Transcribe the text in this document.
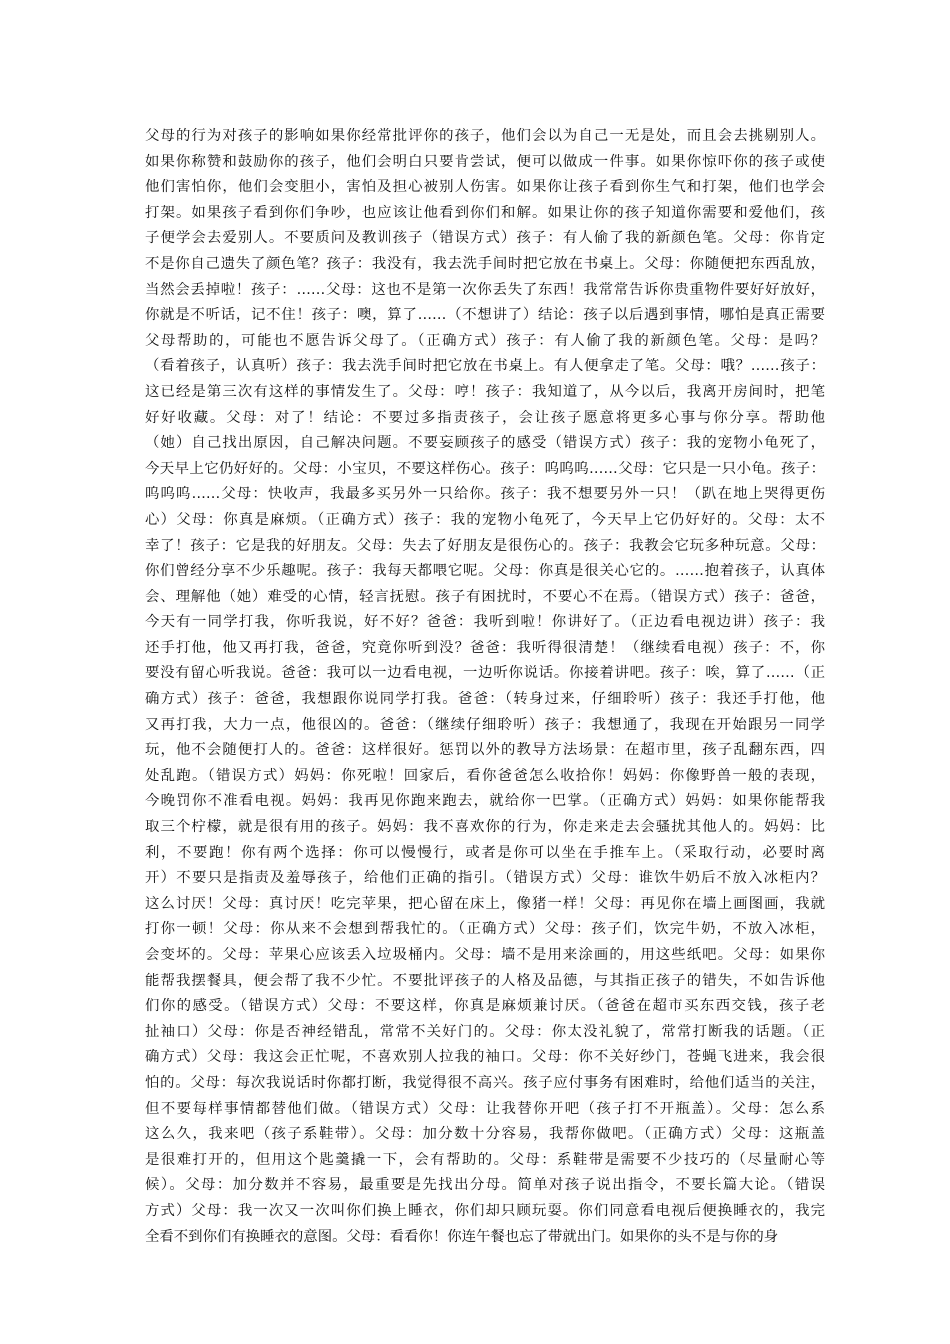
父母的行为对孩子的影响如果你经常批评你的孩子，他们会以为自己一无是处，而且会去挑剔别人。
如果你称赞和鼓励你的孩子，他们会明白只要肯尝试，便可以做成一件事。如果你惊吓你的孩子或使
他们害怕你，他们会变胆小，害怕及担心被别人伤害。如果你让孩子看到你生气和打架，他们也学会
打架。如果孩子看到你们争吵，也应该让他看到你们和解。如果让你的孩子知道你需要和爱他们，孩
子便学会去爱别人。不要质问及教训孩子（错误方式）孩子：有人偷了我的新颜色笔。父母：你肯定
不是你自己遗失了颜色笔？孩子：我没有，我去洗手间时把它放在书桌上。父母：你随便把东西乱放，
当然会丢掉啦！孩子：……父母：这也不是第一次你丢失了东西！我常常告诉你贵重物件要好好放好，
你就是不听话，记不住！孩子：噢，算了……（不想讲了）结论：孩子以后遇到事情，哪怕是真正需要
父母帮助的，可能也不愿告诉父母了。（正确方式）孩子：有人偷了我的新颜色笔。父母：是吗？
（看着孩子，认真听）孩子：我去洗手间时把它放在书桌上。有人便拿走了笔。父母：哦？……孩子：
这已经是第三次有这样的事情发生了。父母：哼！孩子：我知道了，从今以后，我离开房间时，把笔
好好收藏。父母：对了！结论：不要过多指责孩子，会让孩子愿意将更多心事与你分享。帮助他
（她）自己找出原因，自己解决问题。不要妄顾孩子的感受（错误方式）孩子：我的宠物小龟死了，
今天早上它仍好好的。父母：小宝贝，不要这样伤心。孩子：呜呜呜……父母：它只是一只小龟。孩子：
呜呜呜……父母：快收声，我最多买另外一只给你。孩子：我不想要另外一只！（趴在地上哭得更伤
心）父母：你真是麻烦。（正确方式）孩子：我的宠物小龟死了，今天早上它仍好好的。父母：太不
幸了！孩子：它是我的好朋友。父母：失去了好朋友是很伤心的。孩子：我教会它玩多种玩意。父母：
你们曾经分享不少乐趣呢。孩子：我每天都喂它呢。父母：你真是很关心它的。……抱着孩子，认真体
会、理解他（她）难受的心情，轻言抚慰。孩子有困扰时，不要心不在焉。（错误方式）孩子：爸爸，
今天有一同学打我，你听我说，好不好？爸爸：我听到啦！你讲好了。（正边看电视边讲）孩子：我
还手打他，他又再打我，爸爸，究竟你听到没？爸爸：我听得很清楚！（继续看电视）孩子：不，你
要没有留心听我说。爸爸：我可以一边看电视，一边听你说话。你接着讲吧。孩子：唉，算了……（正
确方式）孩子：爸爸，我想跟你说同学打我。爸爸：（转身过来，仔细聆听）孩子：我还手打他，他
又再打我，大力一点，他很凶的。爸爸：（继续仔细聆听）孩子：我想通了，我现在开始跟另一同学
玩，他不会随便打人的。爸爸：这样很好。惩罚以外的教导方法场景：在超市里，孩子乱翻东西，四
处乱跑。（错误方式）妈妈：你死啦！回家后，看你爸爸怎么收拾你！妈妈：你像野兽一般的表现，
今晚罚你不准看电视。妈妈：我再见你跑来跑去，就给你一巴掌。（正确方式）妈妈：如果你能帮我
取三个柠檬，就是很有用的孩子。妈妈：我不喜欢你的行为，你走来走去会骚扰其他人的。妈妈：比
利，不要跑！你有两个选择：你可以慢慢行，或者是你可以坐在手推车上。（采取行动，必要时离
开）不要只是指责及羞辱孩子，给他们正确的指引。（错误方式）父母：谁饮牛奶后不放入冰柜内？
这么讨厌！父母：真讨厌！吃完苹果，把心留在床上，像猪一样！父母：再见你在墙上画图画，我就
打你一顿！父母：你从来不会想到帮我忙的。（正确方式）父母：孩子们，饮完牛奶，不放入冰柜，
会变坏的。父母：苹果心应该丢入垃圾桶内。父母：墙不是用来涂画的，用这些纸吧。父母：如果你
能帮我摆餐具，便会帮了我不少忙。不要批评孩子的人格及品德，与其指正孩子的错失，不如告诉他
们你的感受。（错误方式）父母：不要这样，你真是麻烦兼讨厌。（爸爸在超市买东西交钱，孩子老
扯袖口）父母：你是否神经错乱，常常不关好门的。父母：你太没礼貌了，常常打断我的话题。（正
确方式）父母：我这会正忙呢，不喜欢别人拉我的袖口。父母：你不关好纱门，苍蝇飞进来，我会很
怕的。父母：每次我说话时你都打断，我觉得很不高兴。孩子应付事务有困难时，给他们适当的关注，
但不要每样事情都替他们做。（错误方式）父母：让我替你开吧（孩子打不开瓶盖）。父母：怎么系
这么久，我来吧（孩子系鞋带）。父母：加分数十分容易，我帮你做吧。（正确方式）父母：这瓶盖
是很难打开的，但用这个匙羹撬一下，会有帮助的。父母：系鞋带是需要不少技巧的（尽量耐心等
候）。父母：加分数并不容易，最重要是先找出分母。简单对孩子说出指令，不要长篇大论。（错误
方式）父母：我一次又一次叫你们换上睡衣，你们却只顾玩耍。你们同意看电视后便换睡衣的，我完
全看不到你们有换睡衣的意图。父母：看看你！你连午餐也忘了带就出门。如果你的头不是与你的身
